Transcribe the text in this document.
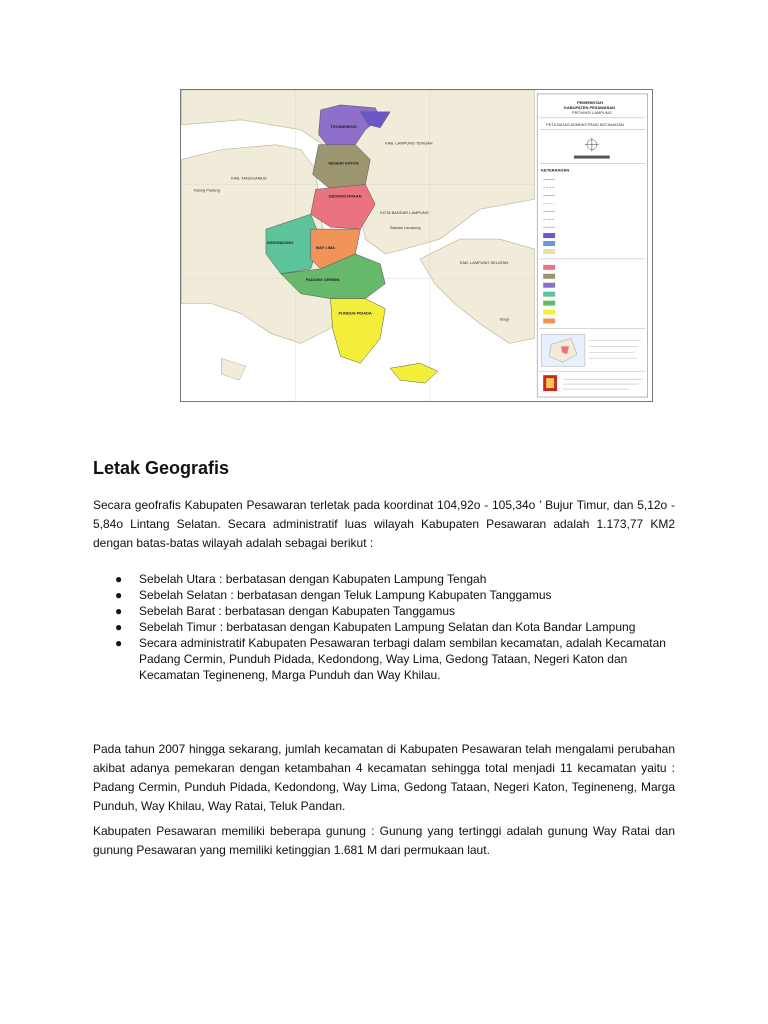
TEGINENENG
NEGERI KATON
GEDONGTATAAN
KEDONDONG
WAY LIMA
PADANG CERMIN
PUNDUH PIDADA
KAB. LAMPUNG TENGAH
KAB. TANGGAMUS
KAB. LAMPUNG SELATAN
KOTA BANDAR LAMPUNG
Bandar Lampung
Talang Padang
Sragi
PEMERINTAH
KABUPATEN PESAWARAN
PROVINSI LAMPUNG
PETA BATAS ADMINISTRASI KECAMATAN
KETERANGAN
Letak Geografis

Secara geofrafis Kabupaten Pesawaran terletak pada koordinat 104,92o - 105,34o ’ Bujur Timur, dan 5,12o - 5,84o Lintang Selatan. Secara administratif luas wilayah Kabupaten Pesawaran adalah 1.173,77 KM2 dengan batas-batas wilayah adalah sebagai berikut :

● Sebelah Utara : berbatasan dengan Kabupaten Lampung Tengah
● Sebelah Selatan : berbatasan dengan Teluk Lampung Kabupaten Tanggamus
● Sebelah Barat : berbatasan dengan Kabupaten Tanggamus
● Sebelah Timur : berbatasan dengan Kabupaten Lampung Selatan dan Kota Bandar Lampung
● Secara administratif Kabupaten Pesawaran terbagi dalam sembilan kecamatan, adalah Kecamatan Padang Cermin, Punduh Pidada, Kedondong, Way Lima, Gedong Tataan, Negeri Katon dan Kecamatan Tegineneng, Marga Punduh dan Way Khilau.

Pada tahun 2007 hingga sekarang, jumlah kecamatan di Kabupaten Pesawaran telah mengalami perubahan akibat adanya pemekaran dengan ketambahan 4 kecamatan sehingga total menjadi 11 kecamatan yaitu : Padang Cermin, Punduh Pidada, Kedondong, Way Lima, Gedong Tataan, Negeri Katon, Tegineneng, Marga Punduh, Way Khilau, Way Ratai, Teluk Pandan.

Kabupaten Pesawaran memiliki beberapa gunung : Gunung yang tertinggi adalah gunung Way Ratai dan gunung Pesawaran yang memiliki ketinggian 1.681 M dari permukaan laut.
